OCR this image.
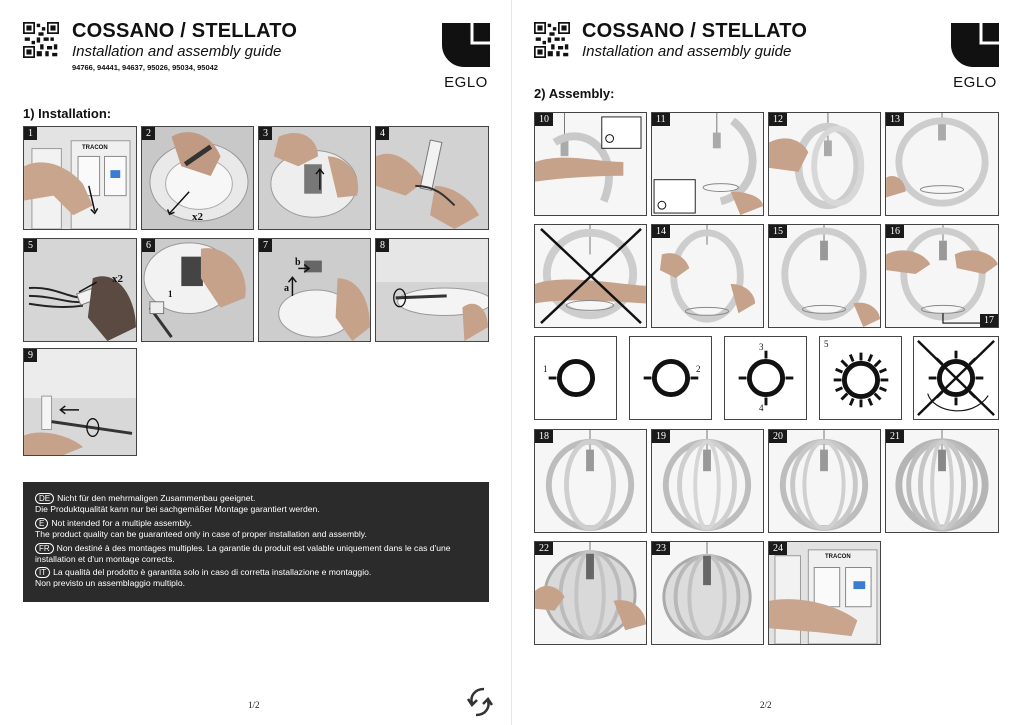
COSSANO / STELLATO
Installation and assembly guide
94766, 94441, 94637, 95026, 95034, 95042
EGLO
1) Installation:
1
TRACON
2
x2
3	4
5
x2
6
1
7
a
b
8
9
DE Nicht für den mehrmaligen Zusammenbau geeignet.
Die Produktqualität kann nur bei sachgemäßer Montage garantiert werden.
E Not intended for a multiple assembly.
The product quality can be guaranteed only in case of proper installation and assembly.
FR Non destiné à des montages multiples. La garantie du produit est valable uniquement dans le cas d'une
installation et d'un montage corrects.
IT La qualità del prodotto è garantita solo in caso di corretta installazione e montaggio.
Non previsto un assemblaggio multiplo.
1/2
COSSANO / STELLATO
Installation and assembly guide
EGLO
2) Assembly:
10	11	12	13
14	15	16
17
1	2
3
4
5
18	19	20	21
22	23	24
TRACON
2/2
